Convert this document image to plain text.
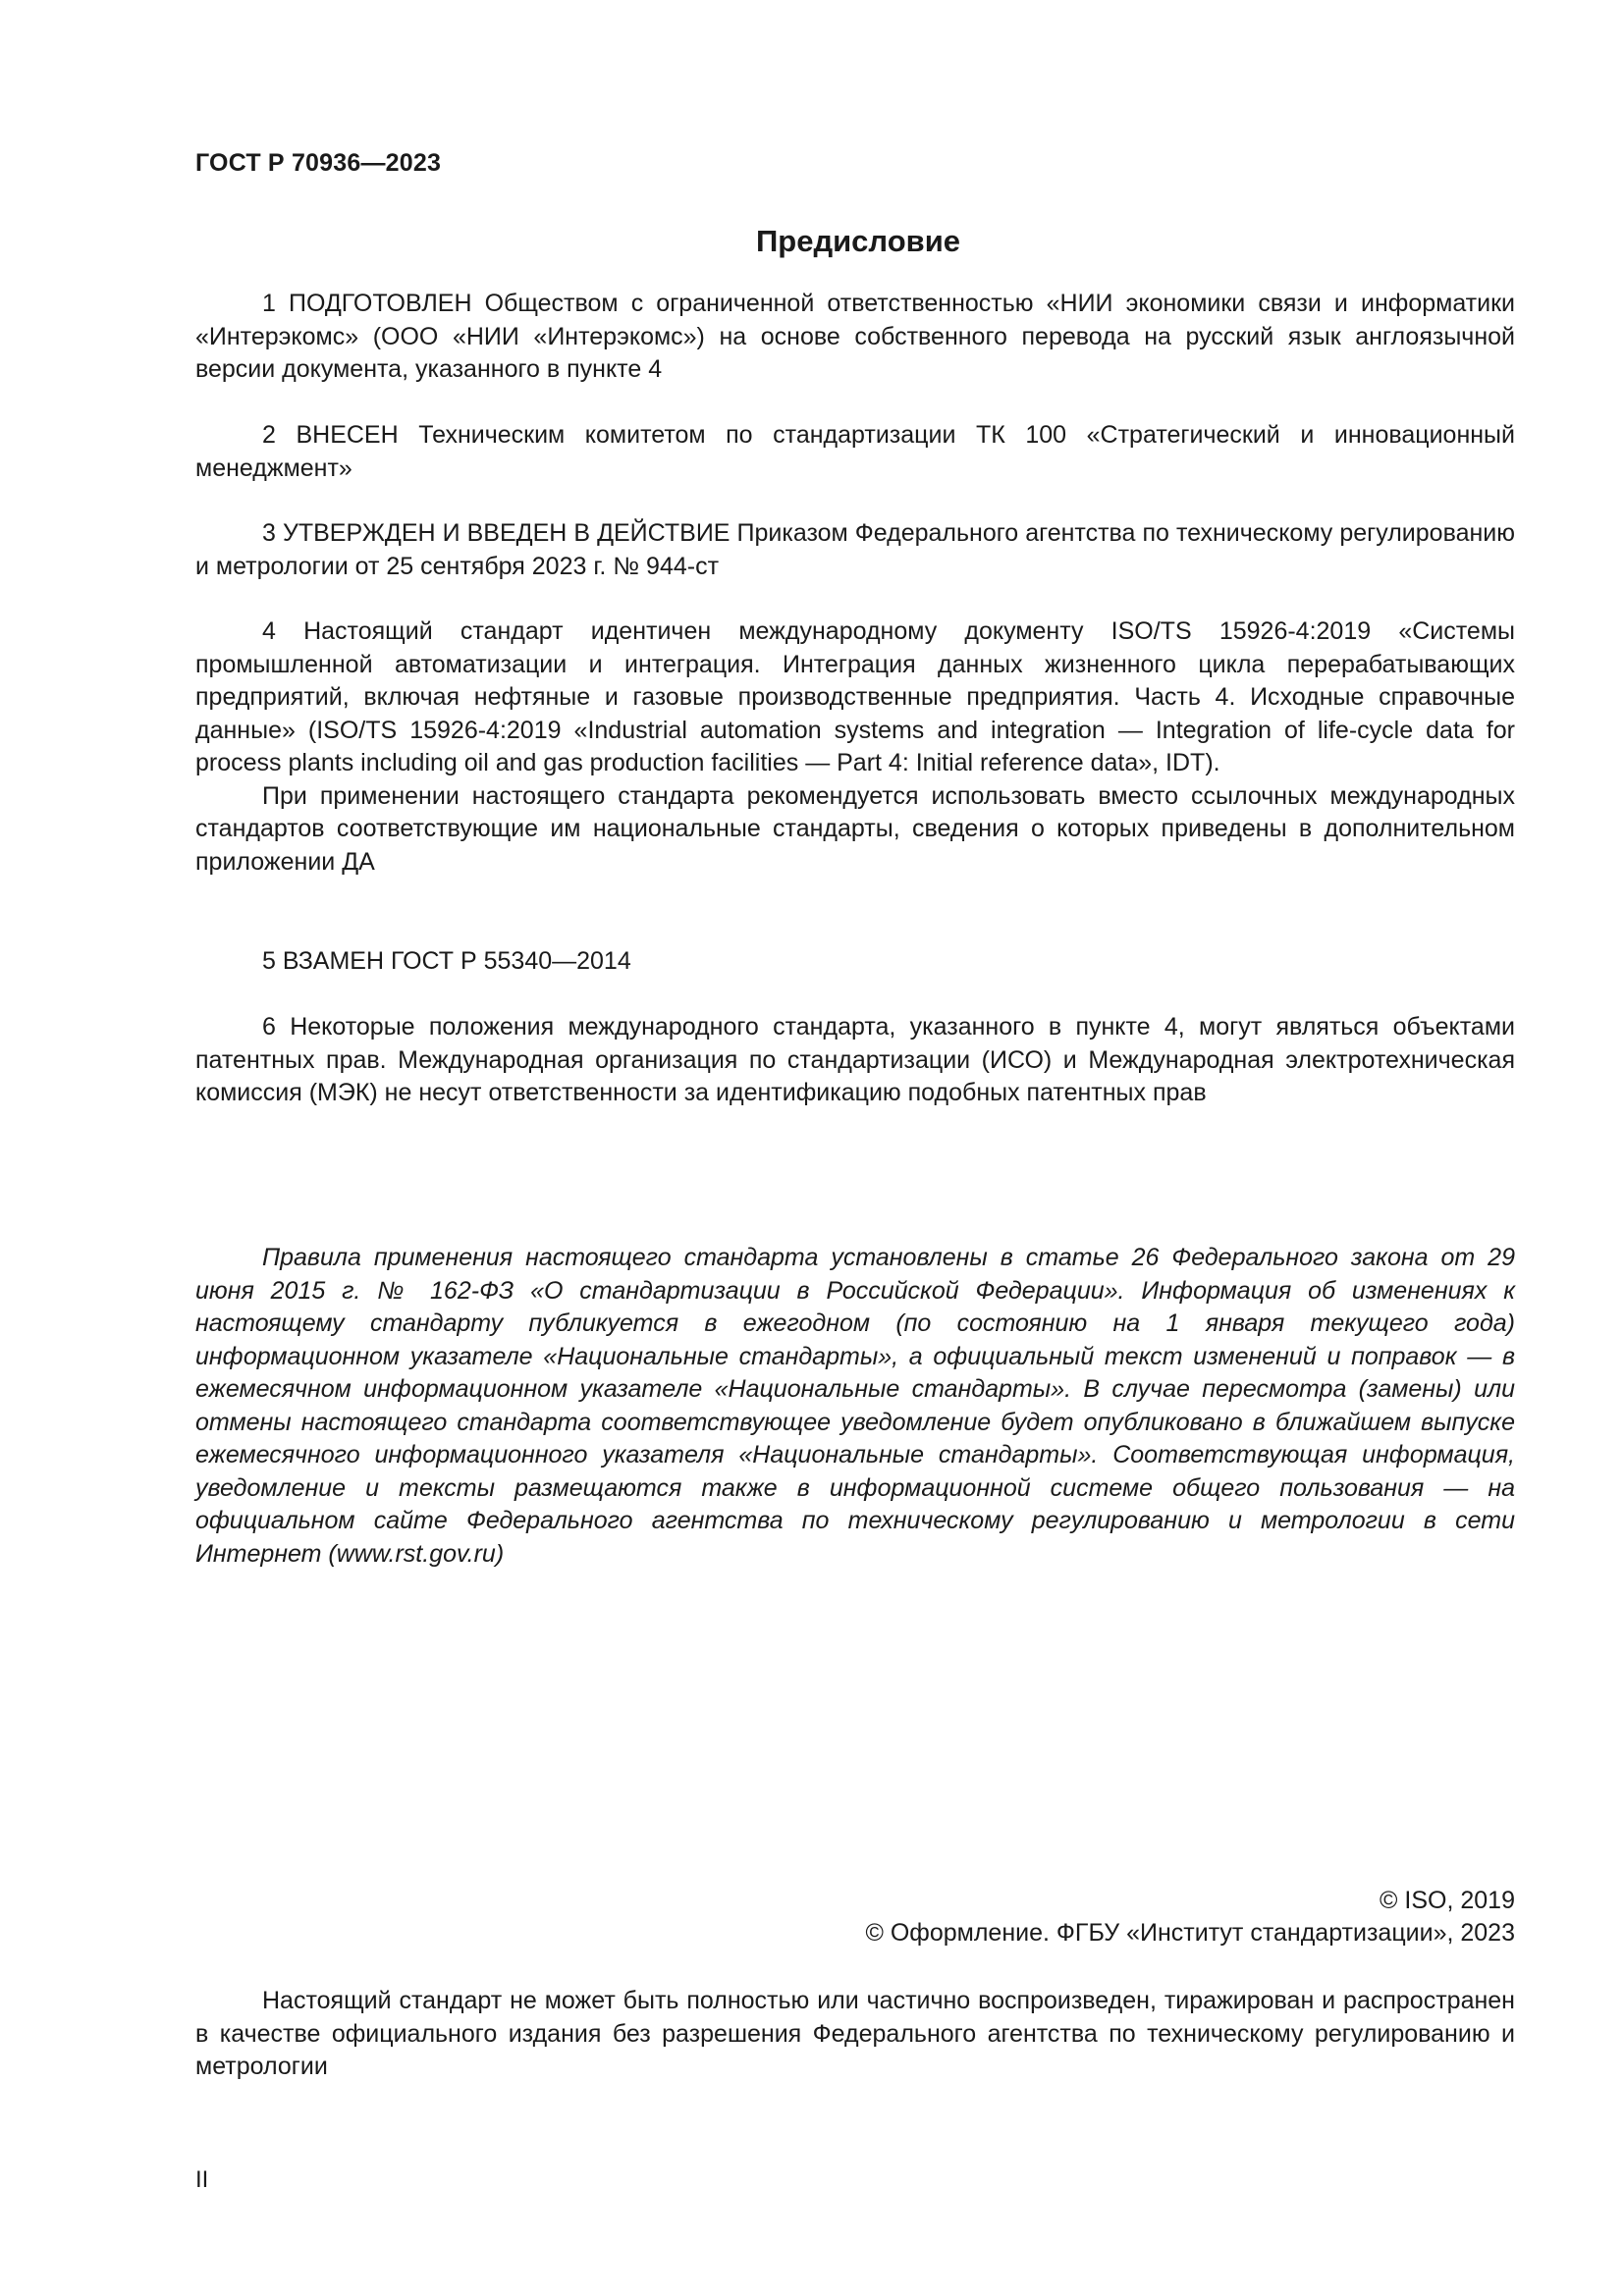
ГОСТ Р 70936—2023
Предисловие

1 ПОДГОТОВЛЕН Обществом с ограниченной ответственностью «НИИ экономики связи и информатики «Интерэкомс» (ООО «НИИ «Интерэкомс») на основе собственного перевода на русский язык англоязычной версии документа, указанного в пункте 4

2 ВНЕСЕН Техническим комитетом по стандартизации ТК 100 «Стратегический и инновационный менеджмент»

3 УТВЕРЖДЕН И ВВЕДЕН В ДЕЙСТВИЕ Приказом Федерального агентства по техническому регулированию и метрологии от 25 сентября 2023 г. № 944-ст

4 Настоящий стандарт идентичен международному документу ISO/TS 15926-4:2019 «Системы промышленной автоматизации и интеграция. Интеграция данных жизненного цикла перерабатывающих предприятий, включая нефтяные и газовые производственные предприятия. Часть 4. Исходные справочные данные» (ISO/TS 15926-4:2019 «Industrial automation systems and integration — Integration of life-cycle data for process plants including oil and gas production facilities — Part 4: Initial reference data», IDT).

При применении настоящего стандарта рекомендуется использовать вместо ссылочных международных стандартов соответствующие им национальные стандарты, сведения о которых приведены в дополнительном приложении ДА

5 ВЗАМЕН ГОСТ Р 55340—2014

6 Некоторые положения международного стандарта, указанного в пункте 4, могут являться объектами патентных прав. Международная организация по стандартизации (ИСО) и Международная электротехническая комиссия (МЭК) не несут ответственности за идентификацию подобных патентных прав

Правила применения настоящего стандарта установлены в статье 26 Федерального закона от 29 июня 2015 г. № 162-ФЗ «О стандартизации в Российской Федерации». Информация об изменениях к настоящему стандарту публикуется в ежегодном (по состоянию на 1 января текущего года) информационном указателе «Национальные стандарты», а официальный текст изменений и поправок — в ежемесячном информационном указателе «Национальные стандарты». В случае пересмотра (замены) или отмены настоящего стандарта соответствующее уведомление будет опубликовано в ближайшем выпуске ежемесячного информационного указателя «Национальные стандарты». Соответствующая информация, уведомление и тексты размещаются также в информационной системе общего пользования — на официальном сайте Федерального агентства по техническому регулированию и метрологии в сети Интернет (www.rst.gov.ru)

© ISO, 2019
© Оформление. ФГБУ «Институт стандартизации», 2023

Настоящий стандарт не может быть полностью или частично воспроизведен, тиражирован и распространен в качестве официального издания без разрешения Федерального агентства по техническому регулированию и метрологии

II
